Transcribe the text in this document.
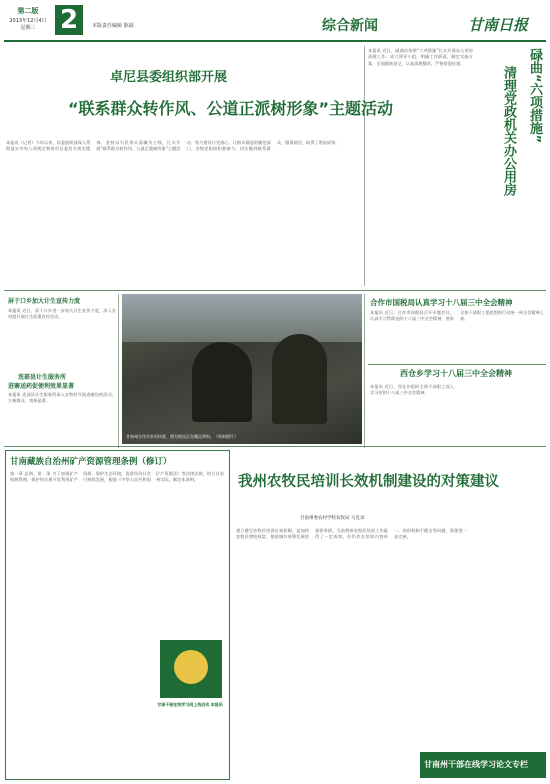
第二版
2013年12月4日
星期三 2	本版责任编辑 陈福	综合新闻	甘南日报
本报讯 近日，碌曲县按照“六项措施”扎实开展办公用房清理工作。成立领导小组，明确工作职责，制定实施方案，全面摸底登记，认真清理整改，严格督促检查。	碌曲“六项措施”
清理党政机关办公用房
卓尼县委组织部开展
“联系群众转作风、公道正派树形象”主题活动
本报讯（记者）今年以来，县委组织部深入贯彻落实中央八项规定和省市县委有关规定精神，坚持以为民务实清廉为主线，扎实开展“联系群众转作风、公道正派树形象”主题活动，努力建设让党放心、让群众满意的模范部门。各级党组织积极参与，切实做到联系群众、服务基层，取得了明显成效。
屏于口乡加大计生宣传力度
本报讯 近日，屏于口乡进一步加大计生宣传力度，深入各村组开展计生政策宣传活动。
迭部县计生服务所
进寨送药促便利效果显著
本报讯 迭部县计生服务所深入农牧村开展进寨送药活动，方便群众，效果显著。
甘南州合作市乡村风景，图为牧民正在搬运草料。（资料照片）
合作市国税局认真学习十八届三中全会精神
本报讯 近日，合作市国税局召开专题会议，认真学习贯彻党的十八届三中全会精神，要求全体干部职工把思想和行动统一到全会精神上来。
西仓乡学习十八届三中全会精神
本报讯 近日，西仓乡组织全体干部职工深入学习党的十八届三中全会精神。
甘南藏族自治州矿产资源管理条例（修订）
第一章 总则。第一条 为了加强矿产资源管理，保护和合理开发利用矿产资源，保护生态环境，促进经济社会可持续发展，根据《中华人民共和国矿产资源法》等法律法规，结合自治州实际，制定本条例。
甘南干部在线学习网上线启动 本报讯
我州农牧民培训长效机制建设的对策建议
甘南州委农村学校农牧局 马克录
建立健全农牧民培训长效机制，是加快农牧民增收致富、推进城乡统筹发展的重要举措。当前我州农牧民培训工作取得了一定成效，但仍存在培训内容单一、培训机制不健全等问题，需要进一步完善。
甘南州干部在线学习论文专栏
